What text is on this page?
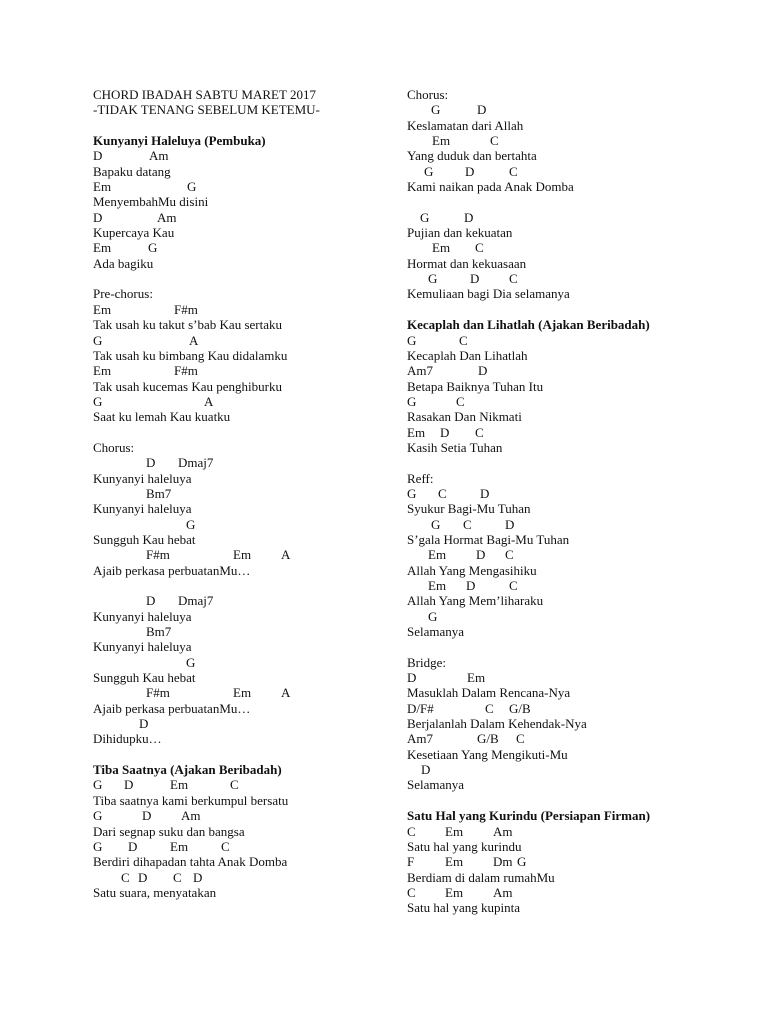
CHORD IBADAH SABTU MARET 2017
-TIDAK TENANG SEBELUM KETEMU-
Kunyanyi Haleluya (Pembuka)
D	Am
Bapaku datang
Em	G
MenyembahMu disini
D	Am
Kupercaya Kau
Em	G
Ada bagiku
Pre-chorus:
Em	F#m
Tak usah ku takut s’bab Kau sertaku
G	A
Tak usah ku bimbang Kau didalamku
Em	F#m
Tak usah kucemas Kau penghiburku
G	A
Saat ku lemah Kau kuatku
Chorus:
D Dmaj7
Kunyanyi haleluya
Bm7
Kunyanyi haleluya
G
Sungguh Kau hebat
F#m	Em A
Ajaib perkasa perbuatanMu…
D Dmaj7
Kunyanyi haleluya
Bm7
Kunyanyi haleluya
G
Sungguh Kau hebat
F#m	Em A
Ajaib perkasa perbuatanMu…
D
Dihidupku…
Tiba Saatnya (Ajakan Beribadah)
G D	Em	C
Tiba saatnya kami berkumpul bersatu
G	D Am
Dari segnap suku dan bangsa
G D	Em	C
Berdiri dihapadan tahta Anak Domba
C D C D
Satu suara, menyatakan
Chorus:
G	D
Keslamatan dari Allah
Em	C
Yang duduk dan bertahta
G D	C
Kami naikan pada Anak Domba
G	D
Pujian dan kekuatan
Em C
Hormat dan kekuasaan
G	D C
Kemuliaan bagi Dia selamanya
Kecaplah dan Lihatlah (Ajakan Beribadah)
G	C
Kecaplah Dan Lihatlah
Am7	D
Betapa Baiknya Tuhan Itu
G	C
Rasakan Dan Nikmati
Em D C
Kasih Setia Tuhan
Reff:
G C	D
Syukur Bagi-Mu Tuhan
G C	D
S’gala Hormat Bagi-Mu Tuhan
Em D C
Allah Yang Mengasihiku
Em D	C
Allah Yang Mem’liharaku
G
Selamanya
Bridge:
D	Em
Masuklah Dalam Rencana-Nya
D/F#	C G/B
Berjalanlah Dalam Kehendak-Nya
Am7	G/B C
Kesetiaan Yang Mengikuti-Mu
D
Selamanya
Satu Hal yang Kurindu (Persiapan Firman)
C Em Am
Satu hal yang kurindu
F Em Dm G
Berdiam di dalam rumahMu
C Em Am
Satu hal yang kupinta
